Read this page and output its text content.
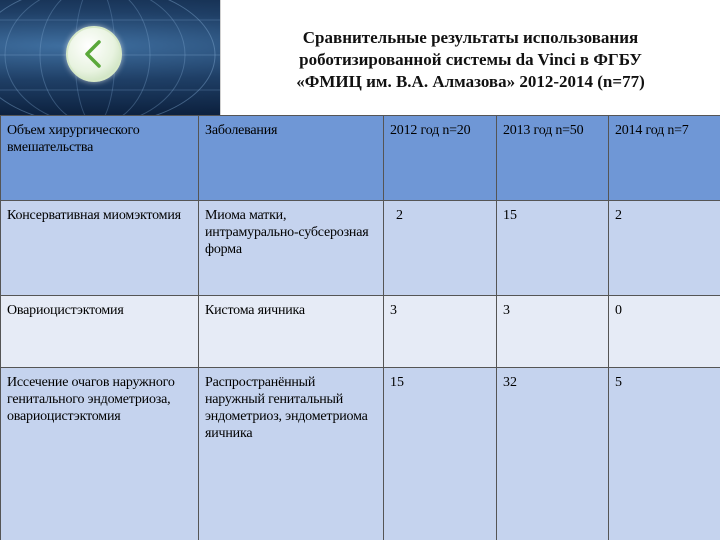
Сравнительные результаты использования
роботизированной системы da Vinci в ФГБУ
«ФМИЦ им. В.А. Алмазова» 2012-2014 (n=77)
Объем хирургического вмешательства	Заболевания	2012 год n=20	2013 год n=50	2014 год n=7
Консервативная миомэктомия	Миома матки, интрамурально-субсерозная форма	2	15	2
Овариоцистэктомия	Кистома яичника	3	3	0
Иссечение очагов наружного генитального эндометриоза, овариоцистэктомия	Распространённый наружный генитальный эндометриоз, эндометриома яичника	15	32	5
